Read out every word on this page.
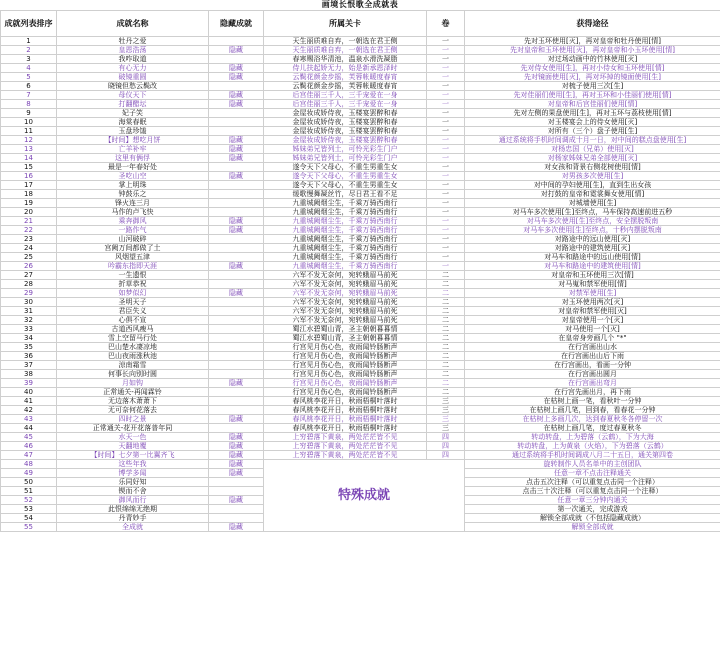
画境长恨歌全成就表
成就列表排序	成就名称	隐藏成就	所属关卡	卷	获得途径
1	牡丹之爱		天生丽质难自弃，一朝选在君王侧	一	先对玉环使用[灭]，再对皇帝和牡丹使用[情]
2	皇恩浩荡	隐藏	天生丽质难自弃，一朝选在君王侧	一	先对皇帝和玉环使用[灭]，再对皇帝和小玉环使用[情]
3	我咋取道		春寒赐浴华清池，温泉水滑洗凝脂	一	对过场动画中的竹林使用[灭]
4	有心无力	隐藏	侍儿扶起娇无力，始是新承恩泽时	一	先对侍女使用[生]，再对小侍女和玉环使用[情]
5	破镜重圆	隐藏	云鬓花颜金步摇，芙蓉帐暖度春宵	一	先对镜面使用[灭]，再对坏掉的镜面使用[生]
6	晓镜但愁云鬓改		云鬓花颜金步摇，芙蓉帐暖度春宵	一	对梳子使用三次[生]
7	母仪天下	隐藏	后宫佳丽三千人，三千宠爱在一身	一	先对佳丽们使用[生]，再对玉环和小佳丽们使用[情]
8	打翻醋坛	隐藏	后宫佳丽三千人，三千宠爱在一身	一	对皇帝和后宫佳丽们使用[情]
9	妃子笑		金屋妆成娇侍夜，玉楼宴罢醉和春	一	先对左侧的果盘使用[生]，再对玉环与荔枝使用[情]
10	海棠春眠		金屋妆成娇侍夜，玉楼宴罢醉和春	一	对玉楼宴会上的侍女使用[灭]
11	玉盘珍馐		金屋妆成娇侍夜，玉楼宴罢醉和春	一	对所有（三个）盘子使用[生]
12	【时间】想吃月饼	隐藏	金屋妆成娇侍夜，玉楼宴罢醉和春	一	通过系统将手机时间调成十月一日，对中间的糕点盘使用[生]
13	亡羊补牢	隐藏	姊妹弟兄皆列土，可怜光彩生门户	一	对杨忠国（兄弟）使用[灭]
14	这里有俩俘	隐藏	姊妹弟兄皆列土，可怜光彩生门户	一	对杨家姊妹兄弟全部使用[灭]
15	最是一年春好处		遂令天下父母心，不重生男重生女	一	对女孩和背景右侧花树使用[情]
16	圣吃山空	隐藏	遂令天下父母心，不重生男重生女	一	对男孩多次使用[生]
17	掌上明珠		遂令天下父母心，不重生男重生女	一	对中间的孕妇使用[生]，直到生出女孩
18	钟鼓乐之		缓歌慢舞凝丝竹，尽日君王看不足	一	对打鼓的皇帝和霓裳舞女使用[情]
19	锋火连三月		九重城阙烟尘生，千乘万骑西南行	一	对城墙使用[生]
20	马作的卢飞快		九重城阙烟尘生，千乘万骑西南行	一	对马车多次使用[生]至终点，马车保持高速前进五秒
21	乘奔御风	隐藏	九重城阙烟尘生，千乘万骑西南行	一	对马车多次使用[生]至终点，安全摆脱叛南
22	一路作气	隐藏	九重城阙烟尘生，千乘万骑西南行	一	对马车多次使用[生]至终点，十秒内摆脱叛南
23	山河破碎		九重城阙烟尘生，千乘万骑西南行	一	对路途中的远山使用[灭]
24	宫阙万间都做了土		九重城阙烟尘生，千乘万骑西南行	一	对路途中的建筑使用[灭]
25	风烟望五津		九重城阙烟尘生，千乘万骑西南行	一	对马车和路途中的远山使用[情]
26	吟霸东指即天涯	隐藏	九重城阙烟尘生，千乘万骑西南行	一	对马车和路途中的建筑使用[情]
27	一生遗恨		六军不发无奈何，宛转蛾眉马前死	二	对皇帝和玉环使用三次[情]
28	折草恭祝		六军不发无奈何，宛转蛾眉马前死	二	对马嵬和禁军使用[情]
29	如梦似幻	隐藏	六军不发无奈何，宛转蛾眉马前死	二	对禁军使用[生]
30	圣明天子		六军不发无奈何，宛转蛾眉马前死	二	对玉环使用两次[灭]
31	君臣失义		六军不发无奈何，宛转蛾眉马前死	二	对皇帝和禁军使用[灭]
32	心俱不宣		六军不发无奈何，宛转蛾眉马前死	二	对皇帝使用一个[灭]
33	古道西风瘦马		蜀江水碧蜀山青，圣主朝朝暮暮情	二	对马使用一个[灭]
34	雪上空留马行处		蜀江水碧蜀山青，圣主朝朝暮暮情	二	在皇帝身旁画几个 "*"
35	巴山楚水凄凉地		行宫见月伤心色，夜雨闻铃肠断声	二	在行宫画出山水
36	巴山夜雨涨秋池		行宫见月伤心色，夜雨闻铃肠断声	二	在行宫画出山后下雨
37	涼南霜雪		行宫见月伤心色，夜雨闻铃肠断声	二	在行宫画出，看画一分钟
38	何事长向别时圆		行宫见月伤心色，夜雨闻铃肠断声	二	在行宫画出圆月
39	月如钩	隐藏	行宫见月伤心色，夜雨闻铃肠断声	二	在行宫画出弯月
40	正常通关-再闻霖铃		行宫见月伤心色，夜雨闻铃肠断声	二	在行宫先画出月，再下雨
41	无边落木萧萧下		春风桃李花开日，秋雨梧桐叶落时	三	在枯树上画一笔，看秋叶一分钟
42	无可奈何花落去		春风桃李花开日，秋雨梧桐叶落时	三	在枯树上画几笔，回到春，看春花一分钟
43	四时之景	隐藏	春风桃李花开日，秋雨梧桐叶落时	三	在枯树上多画几次，达到春夏秋冬各停留一次
44	正常通关-花开花落普年同		春风桃李花开日，秋雨梧桐叶落时	三	在枯树上画几笔，度过春夏秋冬
45	水天一色	隐藏	上穷碧落下黄泉，两处茫茫皆不见	四	转动转盘，上为碧落（云鹤），下为大海
46	天翻地覆	隐藏	上穷碧落下黄泉，两处茫茫皆不见	四	转动转盘，上为黄泉（火焰），下为碧落（云鹤）
47	【时间】七夕第一比翼齐飞	隐藏	上穷碧落下黄泉，两处茫茫皆不见	四	通过系统将手机时间调成八月二十五日，通关第四卷
48	这些年我	隐藏	特殊成就		旋转制作人员名单中的主创团队
49	博学多闻	隐藏			任意一章不点击注释通关
50	乐同好知				点击五次注释（可以重复点击同一个注释）
51	锲而不舍				点击三十次注释（可以重复点击同一个注释）
52	御风而行	隐藏			任意一章三分钟内通关
53	此恨绵绵无绝期				第一次通关，完成游戏
54	丹青妙手				解锁全部成就（不包括隐藏成就）
55	全成就	隐藏			解锁全部成就
